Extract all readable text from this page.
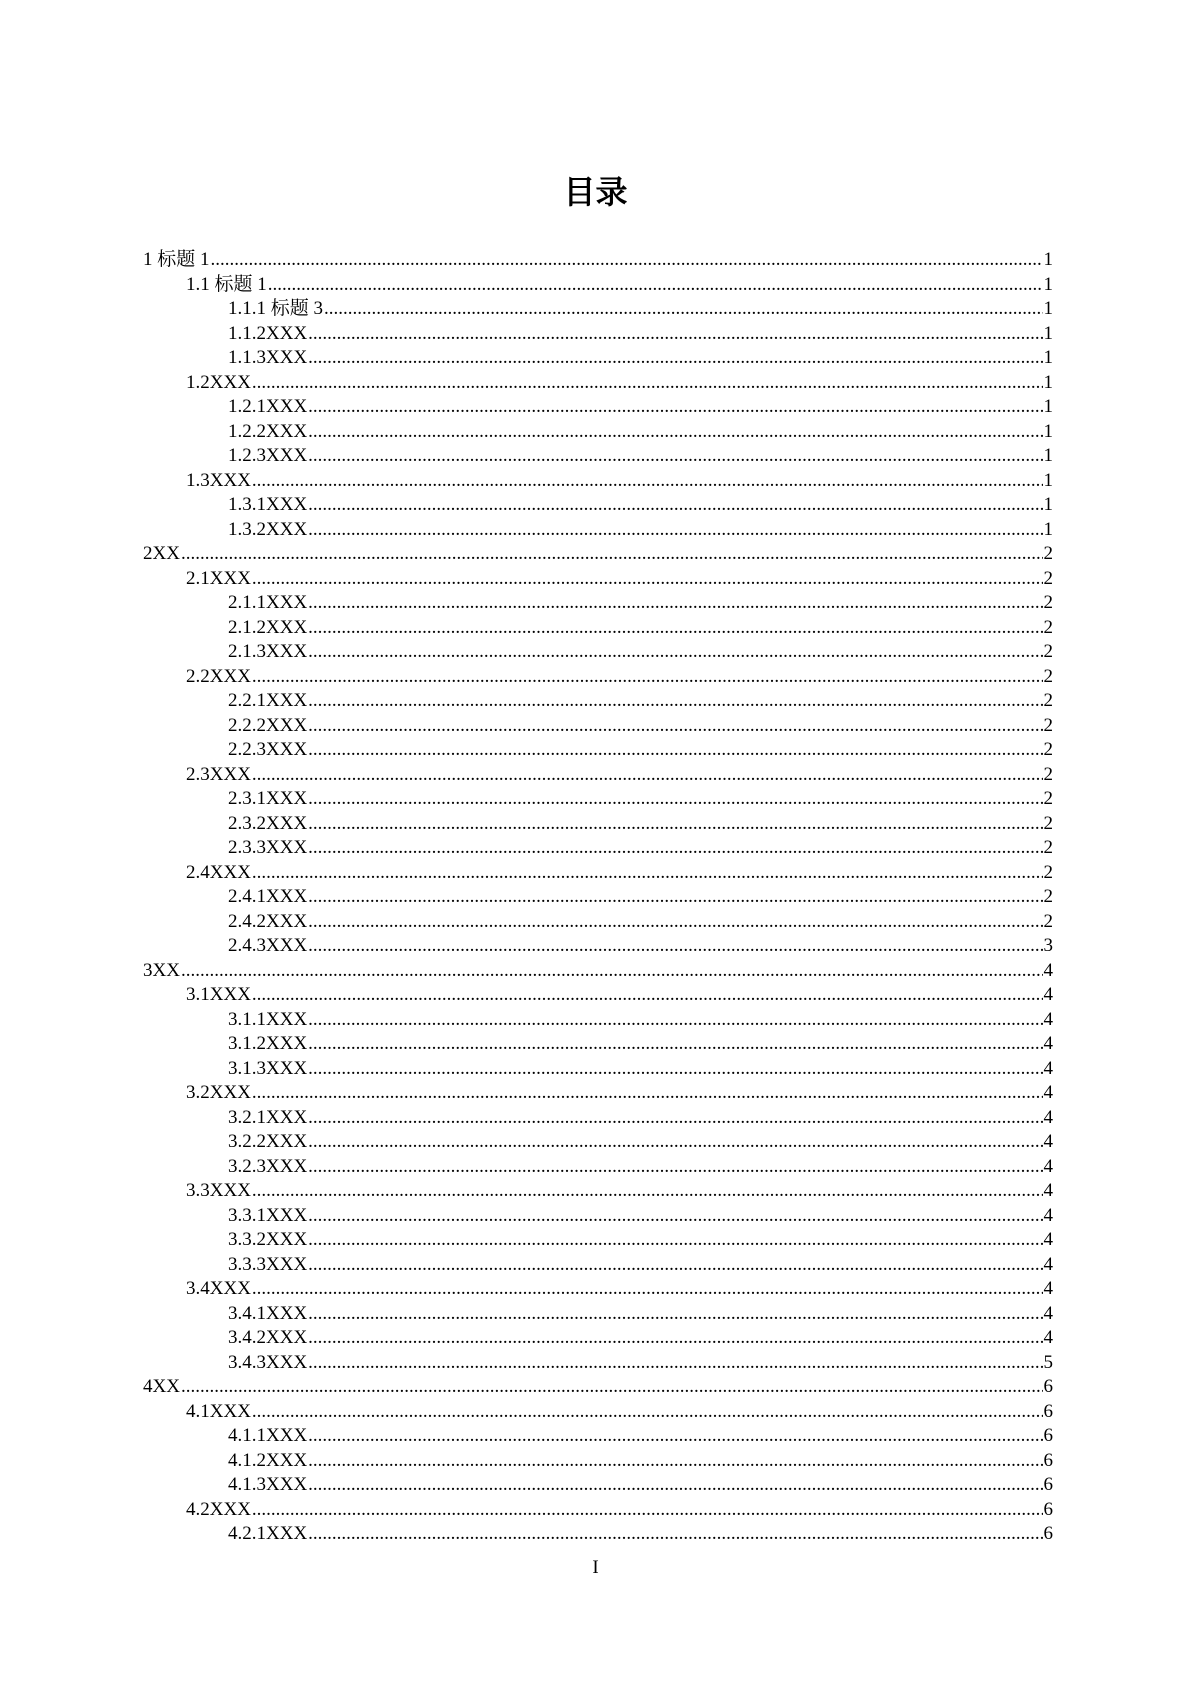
目录
1 标题 1 .....	1
1.1 标题 1 .....	1
1.1.1 标题 3 .....	1
1.1.2XXX .....	1
1.1.3XXX .....	1
1.2XXX .....	1
1.2.1XXX .....	1
1.2.2XXX .....	1
1.2.3XXX .....	1
1.3XXX .....	1
1.3.1XXX .....	1
1.3.2XXX .....	1
2XX .....	2
2.1XXX .....	2
2.1.1XXX .....	2
2.1.2XXX .....	2
2.1.3XXX .....	2
2.2XXX .....	2
2.2.1XXX .....	2
2.2.2XXX .....	2
2.2.3XXX .....	2
2.3XXX .....	2
2.3.1XXX .....	2
2.3.2XXX .....	2
2.3.3XXX .....	2
2.4XXX .....	2
2.4.1XXX .....	2
2.4.2XXX .....	2
2.4.3XXX .....	3
3XX .....	4
3.1XXX .....	4
3.1.1XXX .....	4
3.1.2XXX .....	4
3.1.3XXX .....	4
3.2XXX .....	4
3.2.1XXX .....	4
3.2.2XXX .....	4
3.2.3XXX .....	4
3.3XXX .....	4
3.3.1XXX .....	4
3.3.2XXX .....	4
3.3.3XXX .....	4
3.4XXX .....	4
3.4.1XXX .....	4
3.4.2XXX .....	4
3.4.3XXX .....	5
4XX .....	6
4.1XXX .....	6
4.1.1XXX .....	6
4.1.2XXX .....	6
4.1.3XXX .....	6
4.2XXX .....	6
4.2.1XXX .....	6
I
